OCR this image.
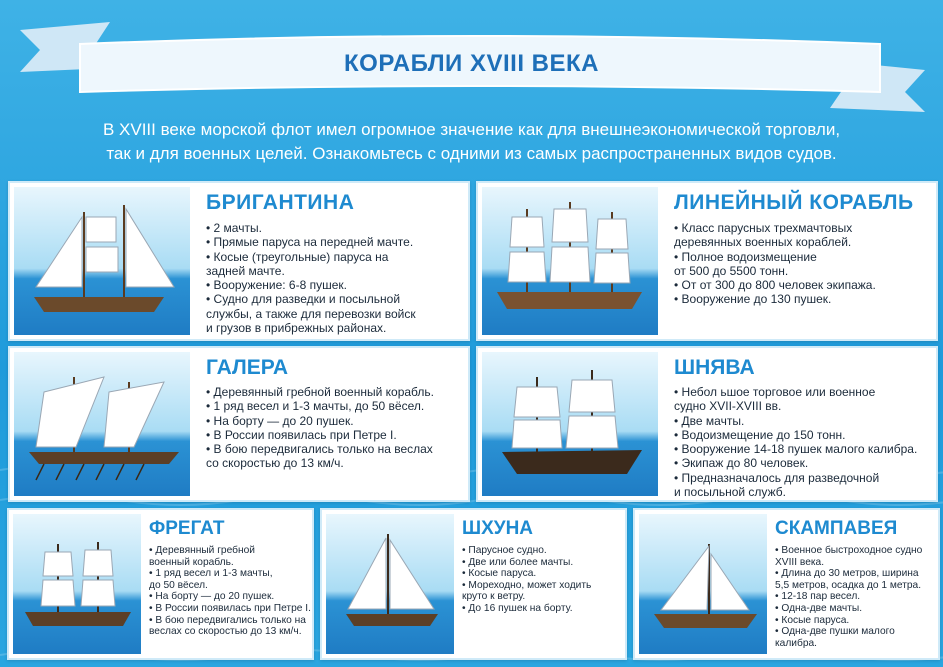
КОРАБЛИ XVIII ВЕКА
В XVIII веке морской флот имел огромное значение как для внешнеэкономической торговли,
так и для военных целей. Ознакомьтесь с одними из самых распространенных видов судов.
БРИГАНТИНА
• 2 мачты.
• Прямые паруса на передней мачте.
• Косые (треугольные) паруса на
задней мачте.
• Вооружение: 6-8 пушек.
• Судно для разведки и посыльной
службы, а также для перевозки войск
и грузов в прибрежных районах.
ЛИНЕЙНЫЙ КОРАБЛЬ
• Класс парусных трехмачтовых
деревянных военных кораблей.
• Полное водоизмещение
от 500 до 5500 тонн.
• От от 300 до 800 человек экипажа.
• Вооружение до 130 пушек.
ГАЛЕРА
• Деревянный гребной военный корабль.
• 1 ряд весел и 1-3 мачты, до 50 вёсел.
• На борту — до 20 пушек.
• В России появилась при Петре I.
• В бою передвигались только на веслах
со скоростью до 13 км/ч.
ШНЯВА
• Небол ьшое торговое или военное
судно XVII-XVIII вв.
• Две мачты.
• Водоизмещение до 150 тонн.
• Вооружение 14-18 пушек малого калибра.
• Экипаж до 80 человек.
• Предназначалось для разведочной
и посыльной служб.
ФРЕГАТ
• Деревянный гребной
военный корабль.
• 1 ряд весел и 1-3 мачты,
до 50 вёсел.
• На борту — до 20 пушек.
• В России появилась при Петре I.
• В бою передвигались только на
веслах со скоростью до 13 км/ч.
ШХУНА
• Парусное судно.
• Две или более мачты.
• Косые паруса.
• Мореходно, может ходить
круто к ветру.
• До 16 пушек на борту.
СКАМПАВЕЯ
• Военное быстроходное судно
XVIII века.
• Длина до 30 метров, ширина
5,5 метров, осадка до 1 метра.
• 12-18 пар весел.
• Одна-две мачты.
• Косые паруса.
• Одна-две пушки малого
калибра.
